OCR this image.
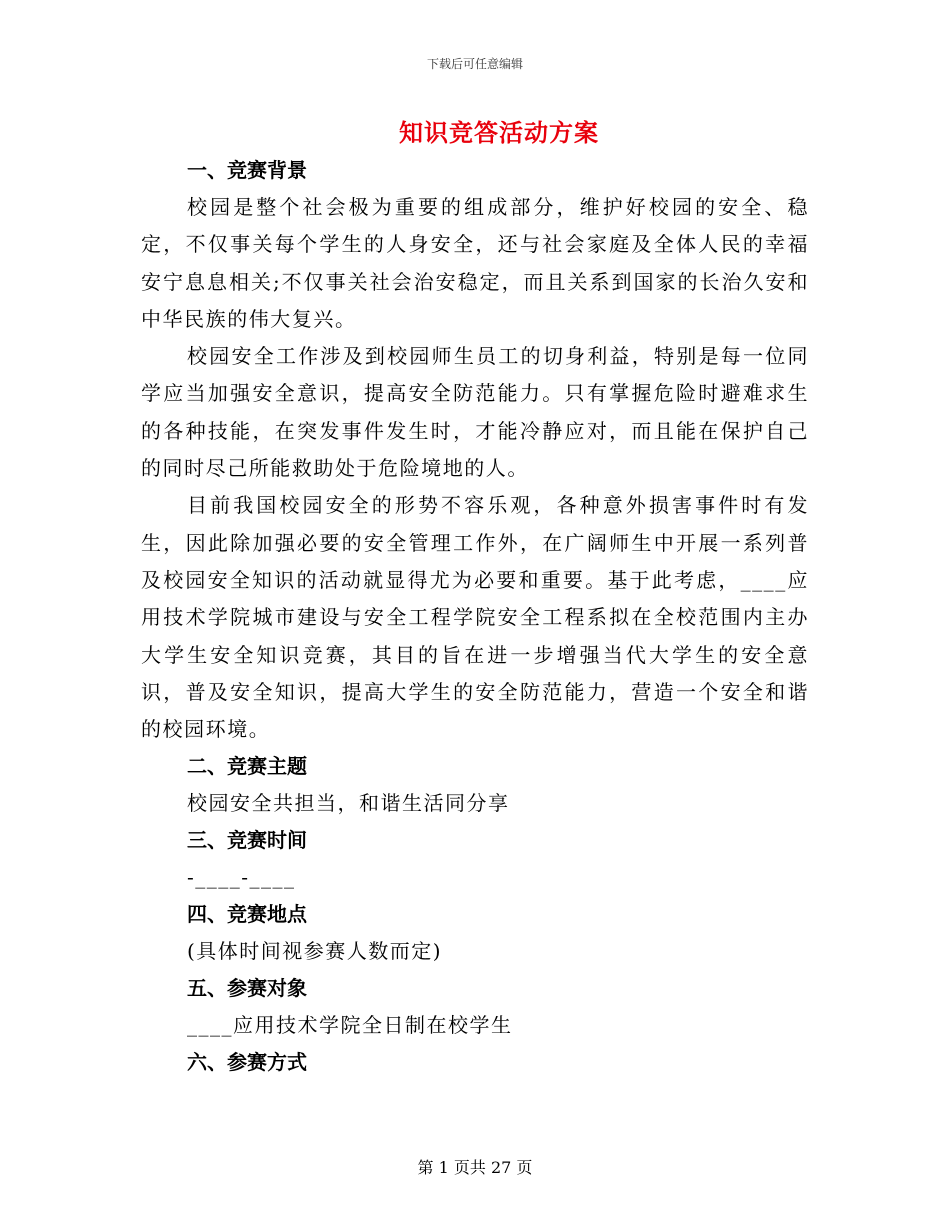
下载后可任意编辑
知识竞答活动方案
一、竞赛背景

校园是整个社会极为重要的组成部分，维护好校园的安全、稳定，不仅事关每个学生的人身安全，还与社会家庭及全体人民的幸福安宁息息相关;不仅事关社会治安稳定，而且关系到国家的长治久安和中华民族的伟大复兴。

校园安全工作涉及到校园师生员工的切身利益，特别是每一位同学应当加强安全意识，提高安全防范能力。只有掌握危险时避难求生的各种技能，在突发事件发生时，才能冷静应对，而且能在保护自己的同时尽己所能救助处于危险境地的人。

目前我国校园安全的形势不容乐观，各种意外损害事件时有发生，因此除加强必要的安全管理工作外，在广阔师生中开展一系列普及校园安全知识的活动就显得尤为必要和重要。基于此考虑，____应用技术学院城市建设与安全工程学院安全工程系拟在全校范围内主办大学生安全知识竞赛，其目的旨在进一步增强当代大学生的安全意识，普及安全知识，提高大学生的安全防范能力，营造一个安全和谐的校园环境。

二、竞赛主题
校园安全共担当，和谐生活同分享
三、竞赛时间
-____-____
四、竞赛地点
(具体时间视参赛人数而定)
五、参赛对象
____应用技术学院全日制在校学生
六、参赛方式
第 1 页共 27 页
